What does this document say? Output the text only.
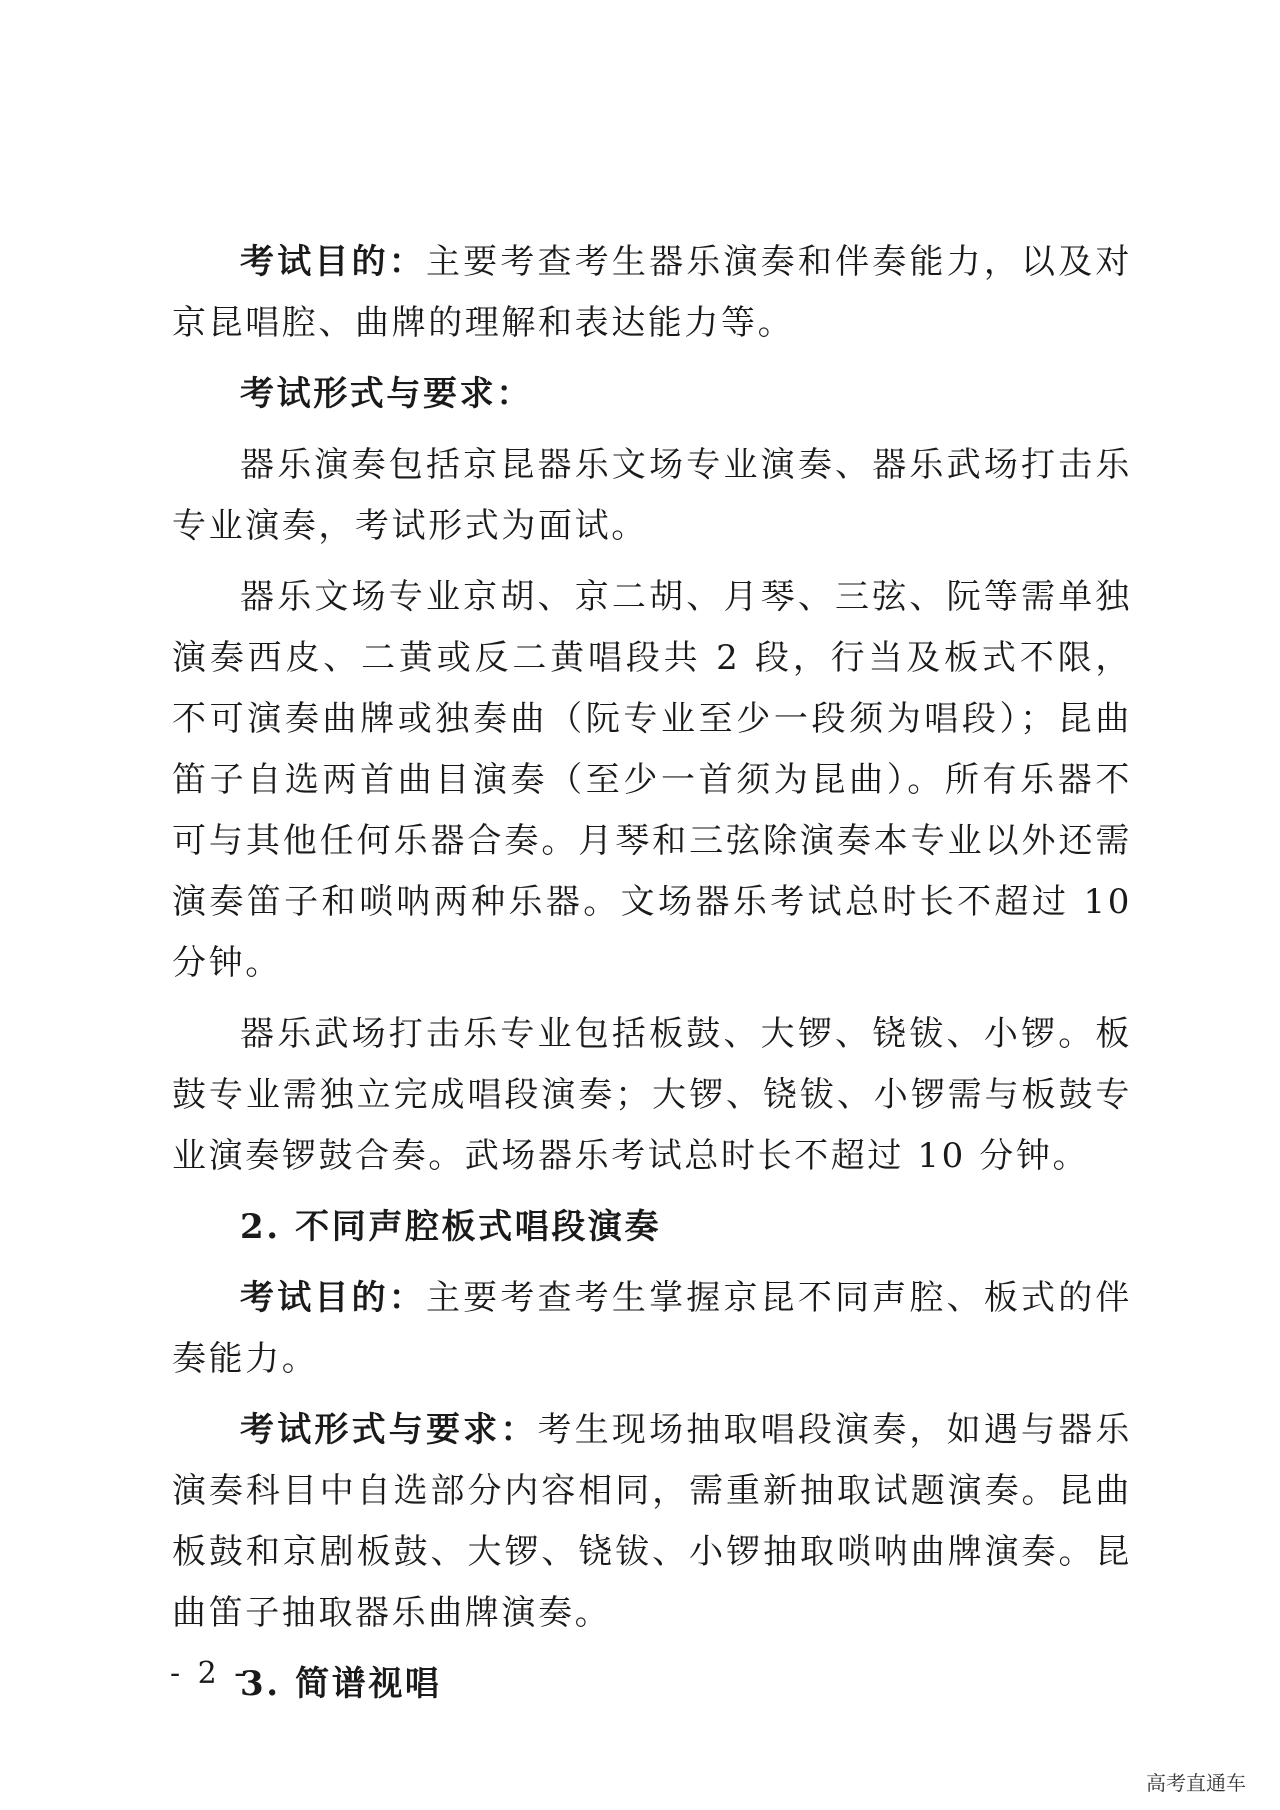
考试目的：主要考查考生器乐演奏和伴奏能力，以及对京昆唱腔、曲牌的理解和表达能力等。

考试形式与要求：

器乐演奏包括京昆器乐文场专业演奏、器乐武场打击乐专业演奏，考试形式为面试。

器乐文场专业京胡、京二胡、月琴、三弦、阮等需单独演奏西皮、二黄或反二黄唱段共 2 段，行当及板式不限，不可演奏曲牌或独奏曲（阮专业至少一段须为唱段）；昆曲笛子自选两首曲目演奏（至少一首须为昆曲）。所有乐器不可与其他任何乐器合奏。月琴和三弦除演奏本专业以外还需演奏笛子和唢呐两种乐器。文场器乐考试总时长不超过 10 分钟。

器乐武场打击乐专业包括板鼓、大锣、铙钹、小锣。板鼓专业需独立完成唱段演奏；大锣、铙钹、小锣需与板鼓专业演奏锣鼓合奏。武场器乐考试总时长不超过 10 分钟。

2. 不同声腔板式唱段演奏

考试目的：主要考查考生掌握京昆不同声腔、板式的伴奏能力。

考试形式与要求：考生现场抽取唱段演奏，如遇与器乐演奏科目中自选部分内容相同，需重新抽取试题演奏。昆曲板鼓和京剧板鼓、大锣、铙钹、小锣抽取唢呐曲牌演奏。昆曲笛子抽取器乐曲牌演奏。

3. 简谱视唱

- 2 -
高考直通车
